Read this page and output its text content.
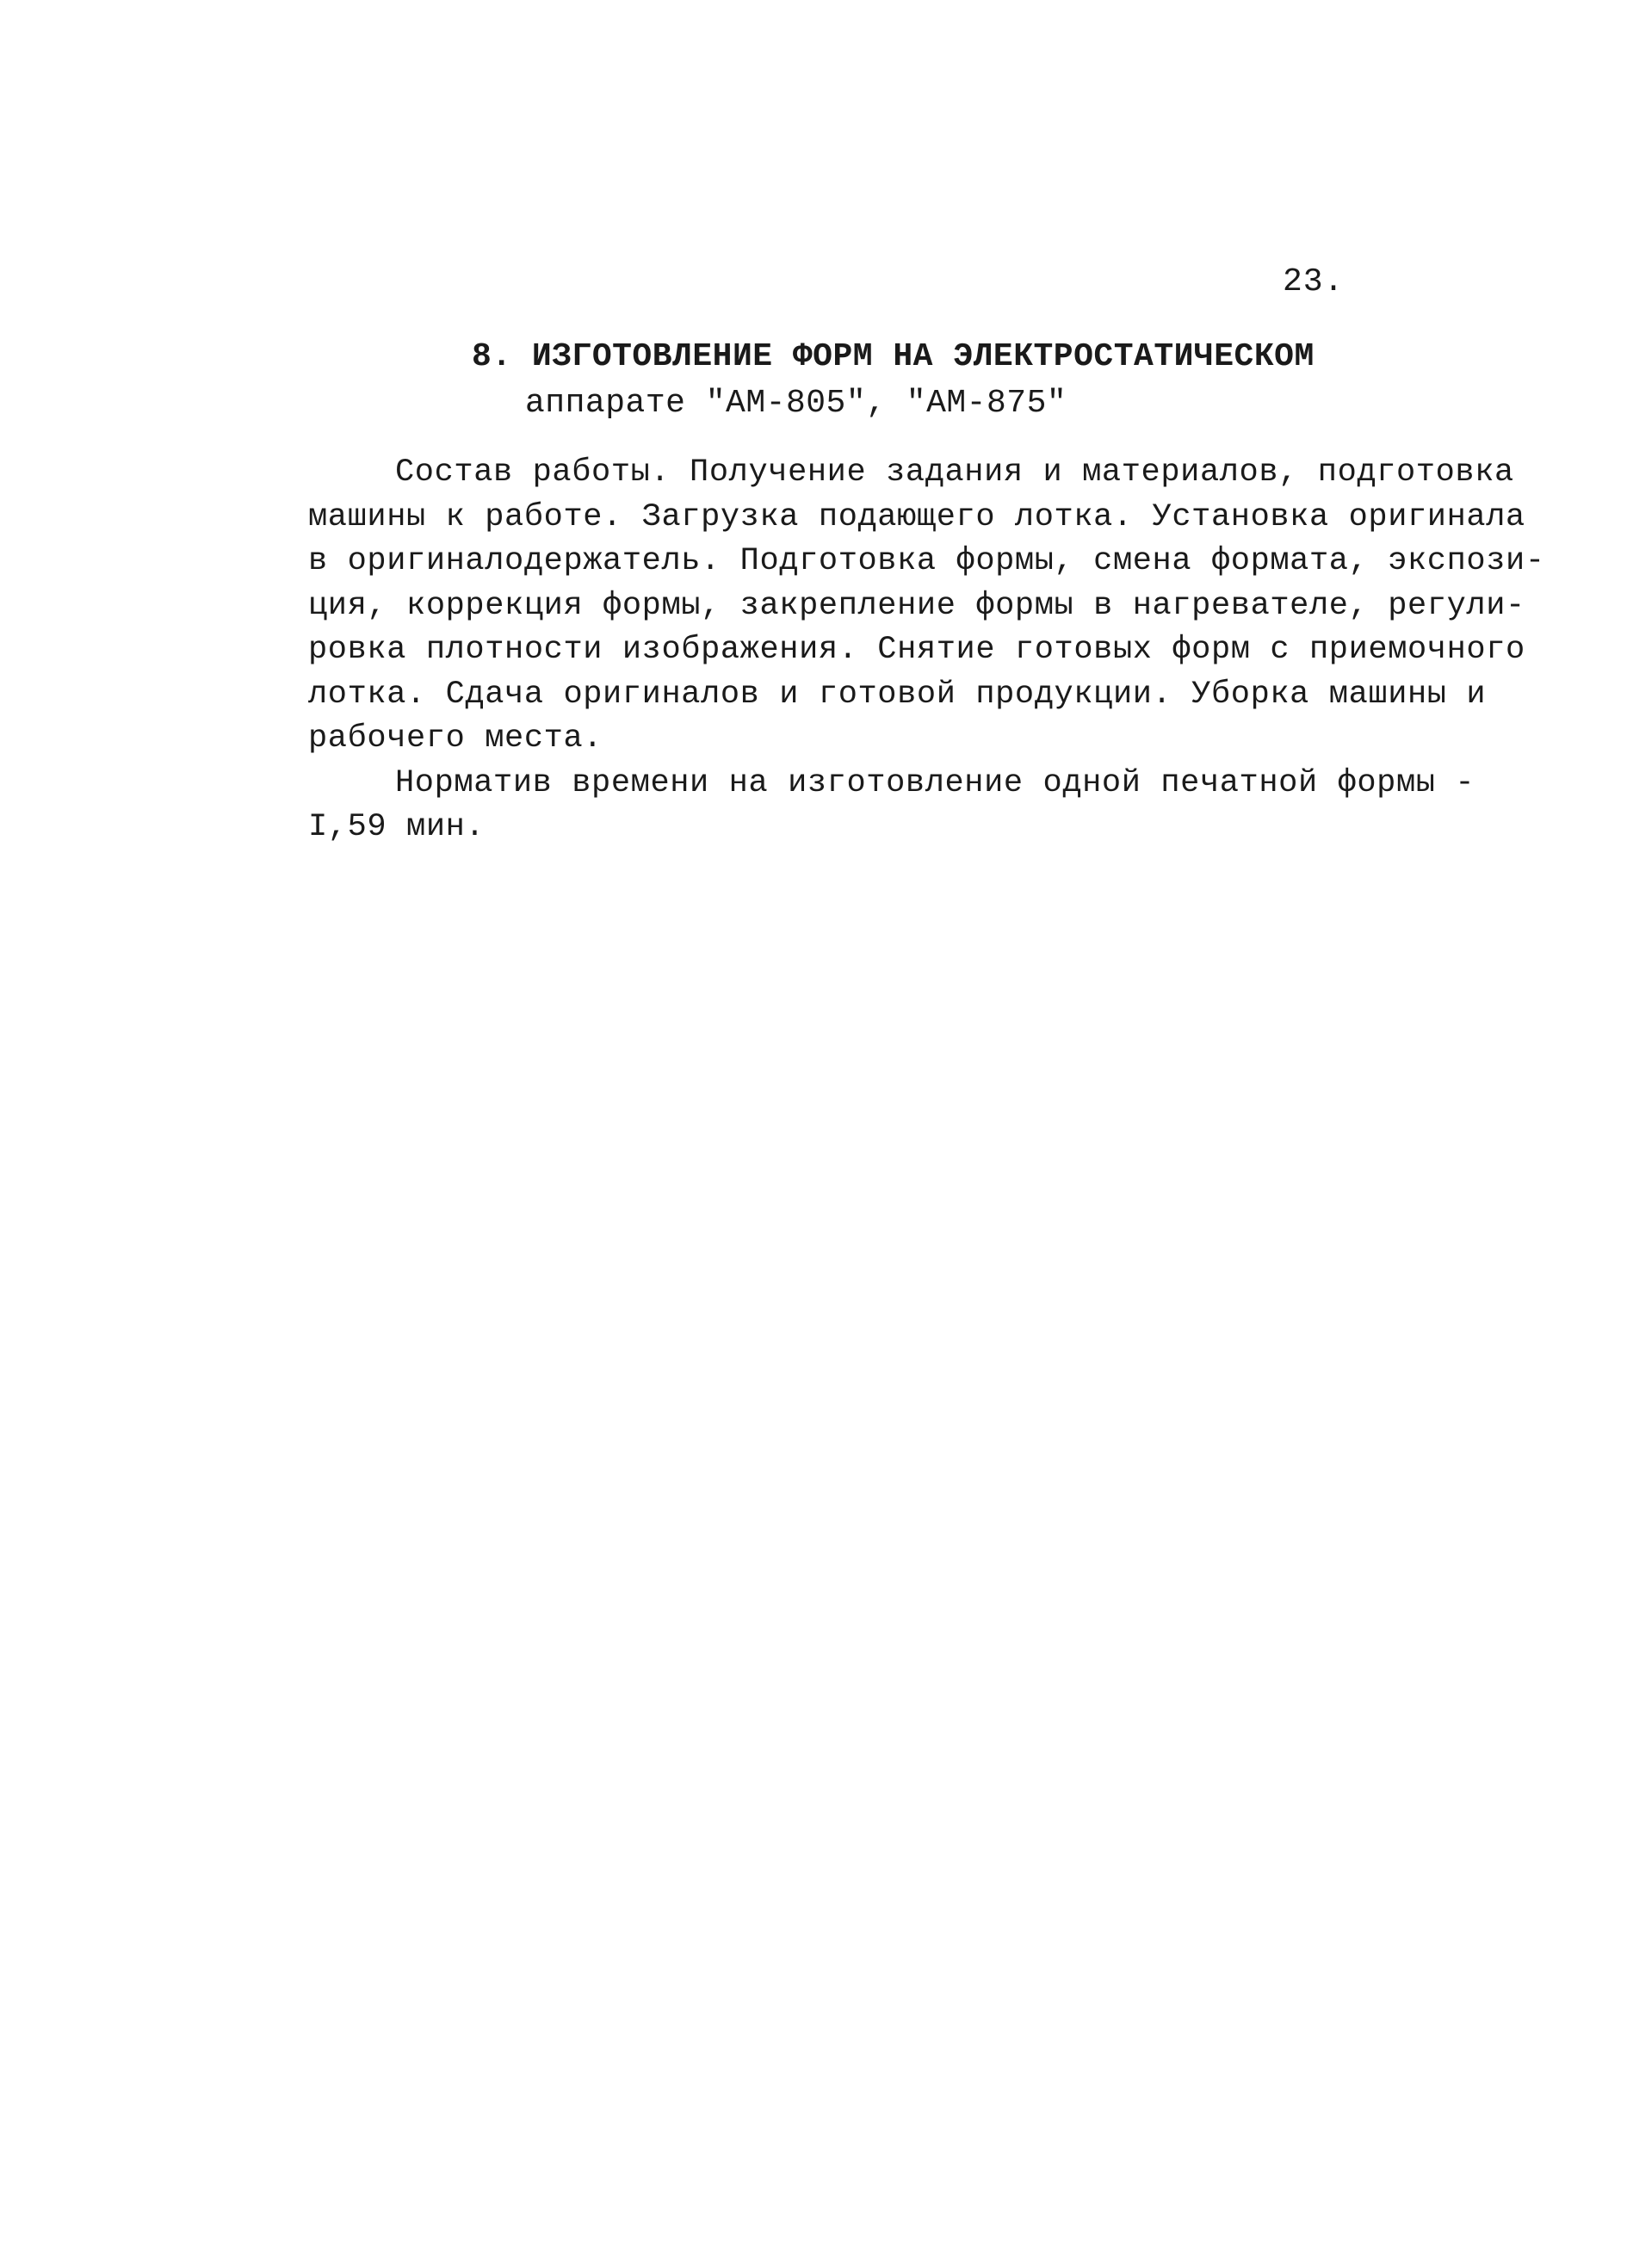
23.
8. ИЗГОТОВЛЕНИЕ ФОРМ НА ЭЛЕКТРОСТАТИЧЕСКОМ
аппарате "АМ-805", "АМ-875"
Состав работы. Получение задания и материалов, подготовка
машины к работе. Загрузка подающего лотка. Установка оригинала
в оригиналодержатель. Подготовка формы, смена формата, экспози-
ция, коррекция формы, закрепление формы в нагревателе, регули-
ровка плотности изображения. Снятие готовых форм с приемочного
лотка. Сдача оригиналов и готовой продукции. Уборка машины и
рабочего места.
Норматив времени на изготовление одной печатной формы -
I,59 мин.
